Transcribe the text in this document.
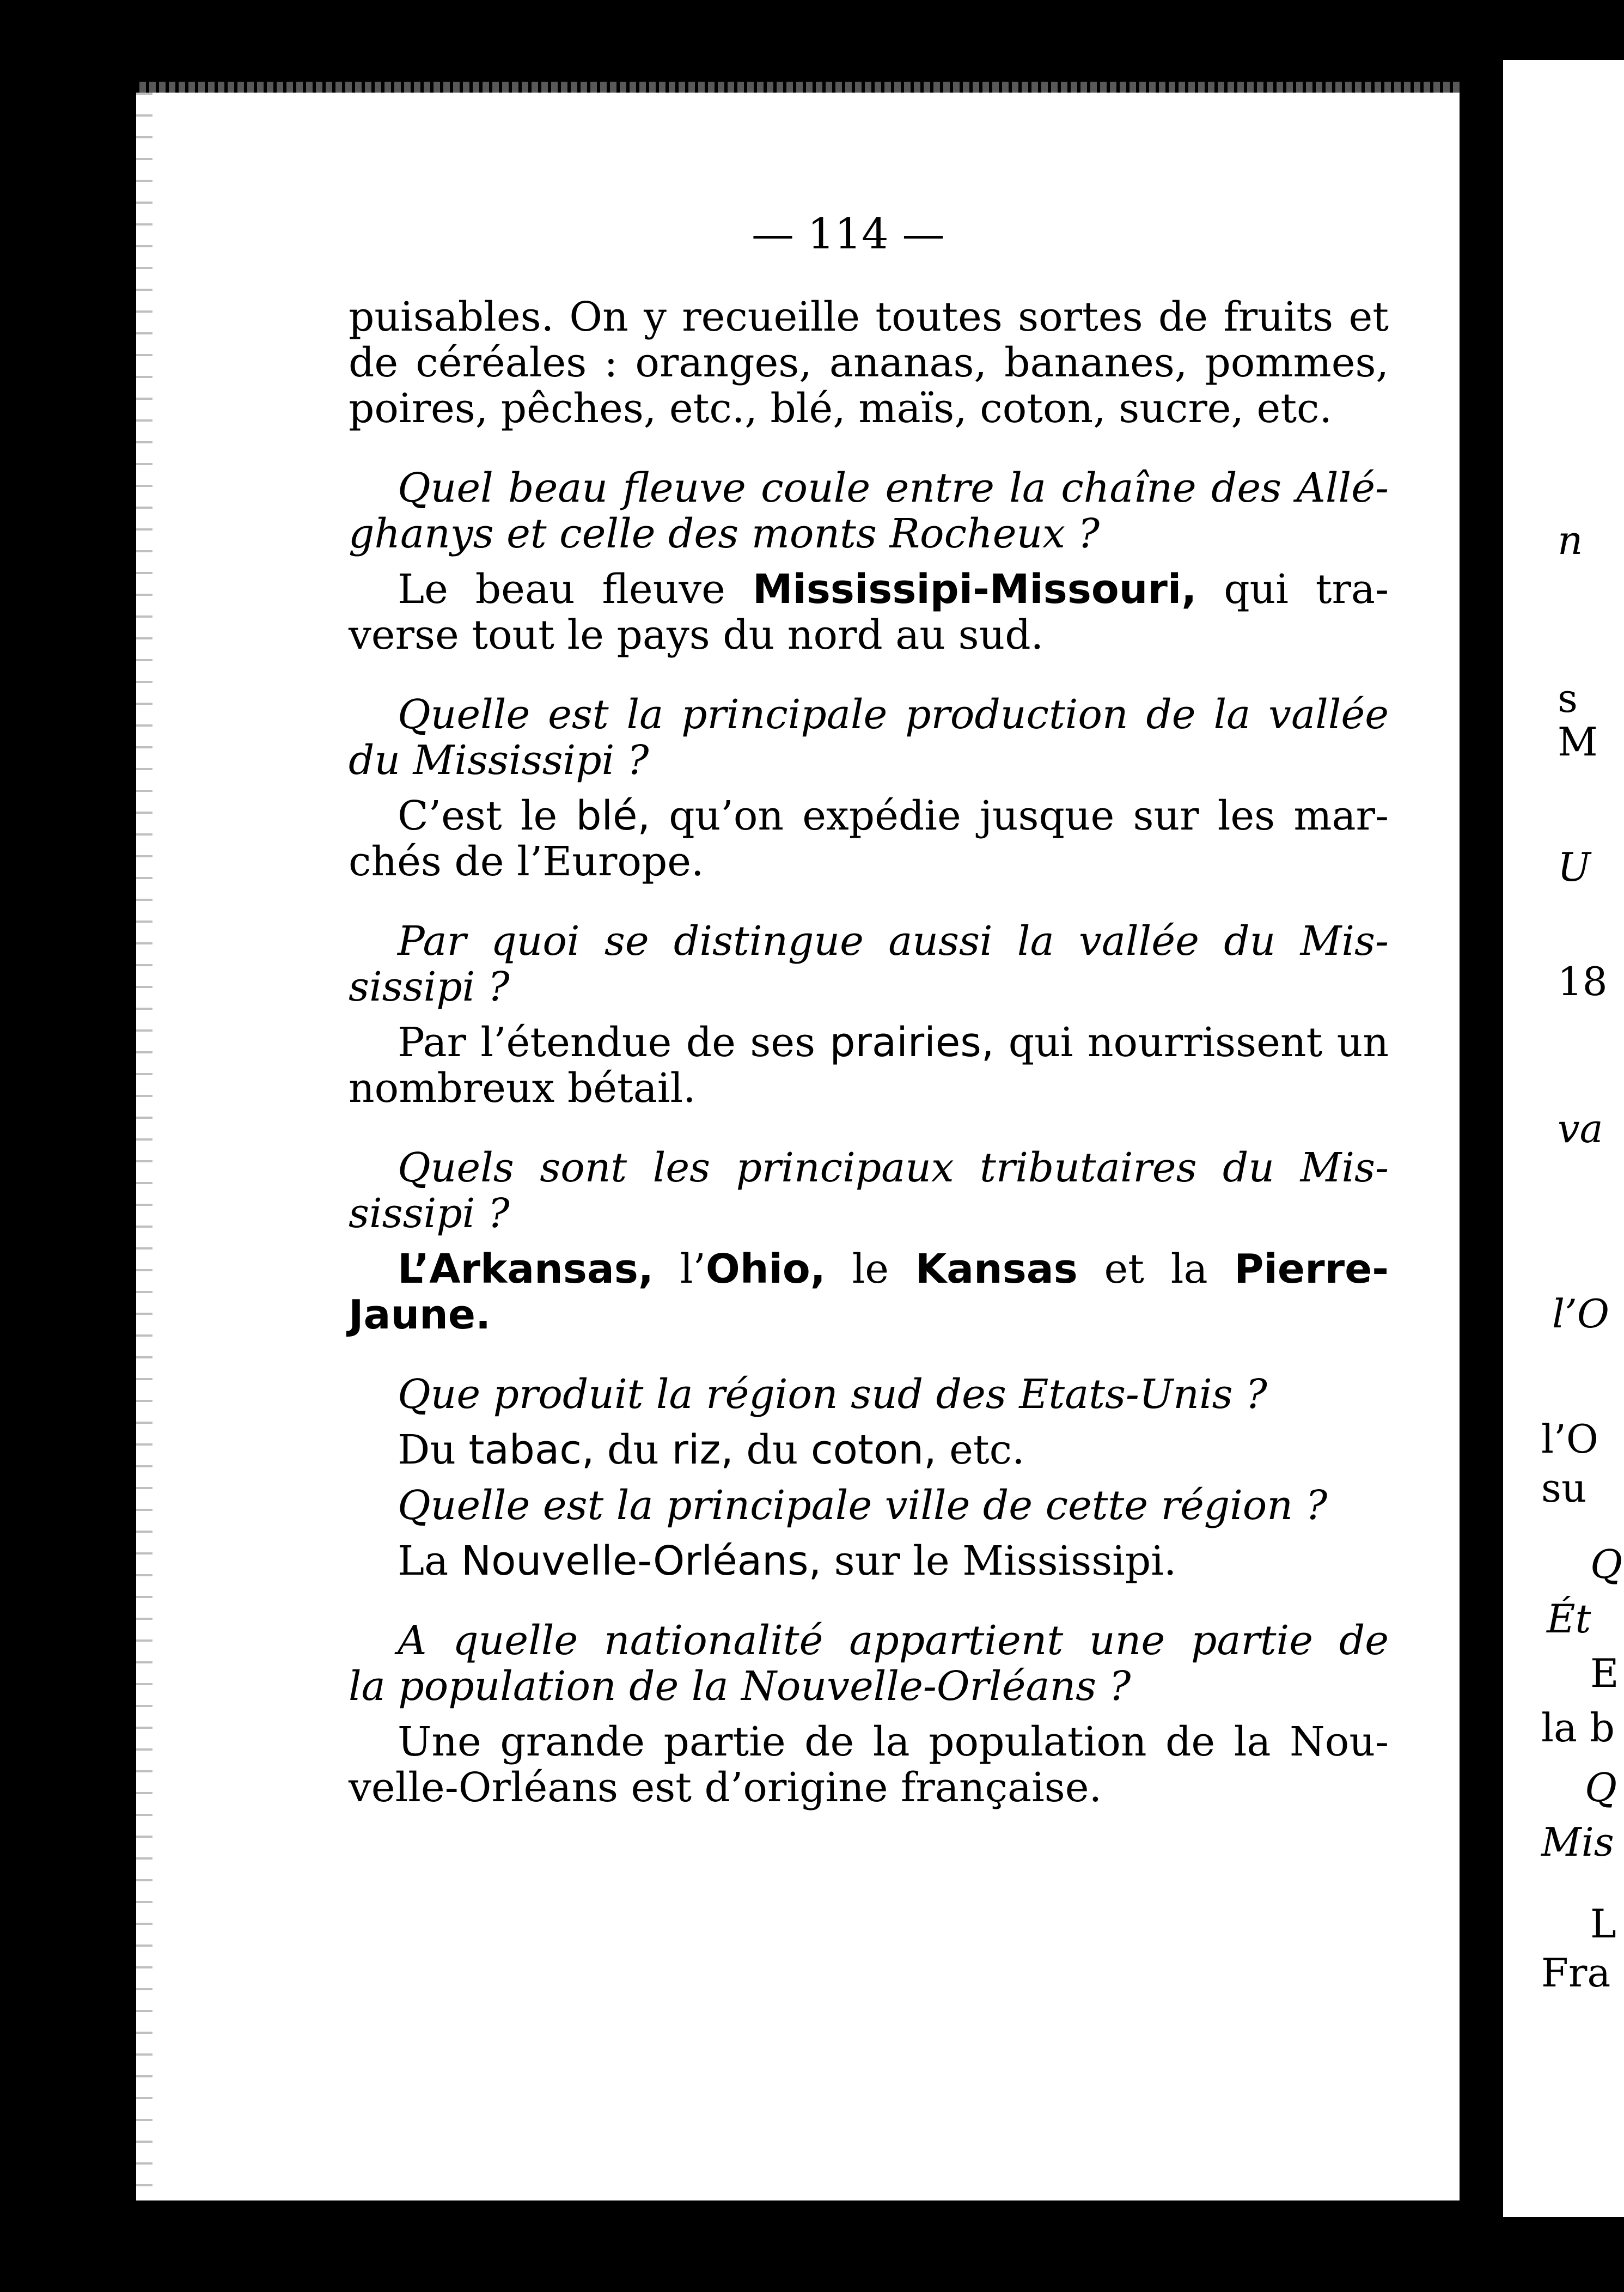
— 114 —

puisables. On y recueille toutes sortes de fruits et
de céréales : oranges, ananas, bananes, pommes,
poires, pêches, etc., blé, maïs, coton, sucre, etc.

Quel beau fleuve coule entre la chaîne des Allé-
ghanys et celle des monts Rocheux ?

Le beau fleuve Mississipi-Missouri, qui tra-
verse tout le pays du nord au sud.

Quelle est la principale production de la vallée
du Mississipi ?

C’est le blé, qu’on expédie jusque sur les mar-
chés de l’Europe.

Par quoi se distingue aussi la vallée du Mis-
sissipi ?

Par l’étendue de ses prairies, qui nourrissent un
nombreux bétail.

Quels sont les principaux tributaires du Mis-
sissipi ?

L’Arkansas, l’Ohio, le Kansas et la Pierre-
Jaune.

Que produit la région sud des Etats-Unis ?

Du tabac, du riz, du coton, etc.

Quelle est la principale ville de cette région ?

La Nouvelle-Orléans, sur le Mississipi.

A quelle nationalité appartient une partie de
la population de la Nouvelle-Orléans ?

Une grande partie de la population de la Nou-
velle-Orléans est d’origine française.

n
s
M
U
18
va
l’O
l’O
su
Q
Ét
E
la b
Q
Mis
L
Fra
